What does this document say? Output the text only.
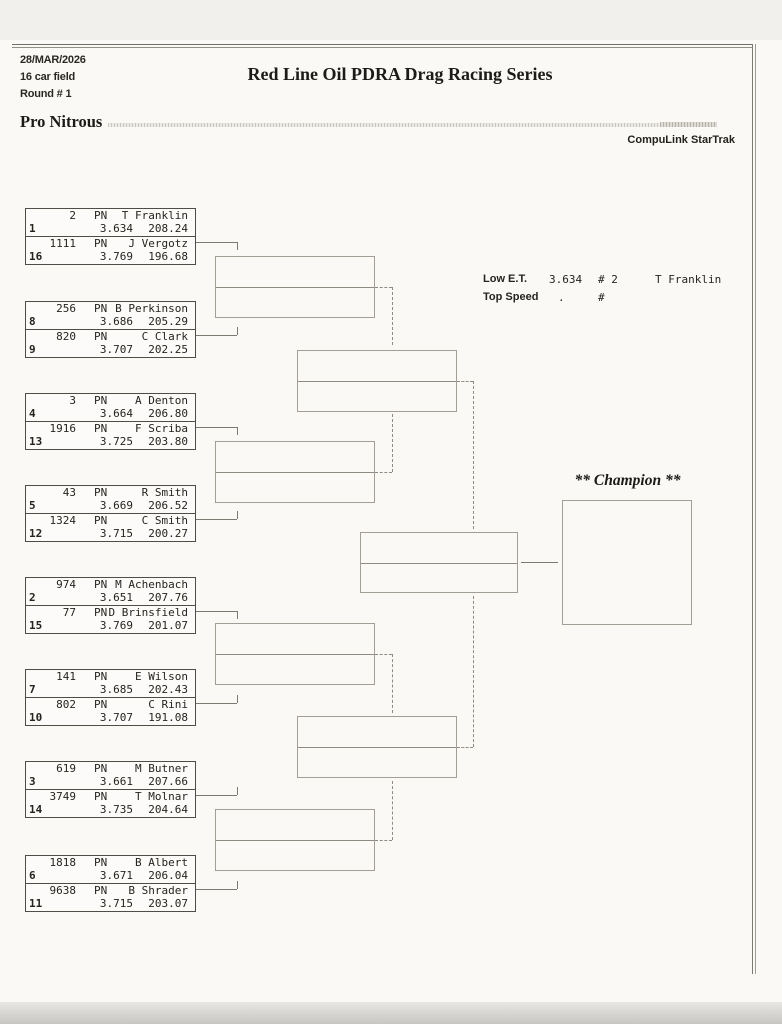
28/MAR/2026
16 car field
Round # 1
Red Line Oil PDRA Drag Racing Series
Pro Nitrous
CompuLink StarTrak
Low E.T. 3.634 # 2	T Franklin
Top Speed .	#
2 PN T Franklin
1	3.634 208.24
1111 PN J Vergotz
16	3.769 196.68
256 PN B Perkinson
8	3.686 205.29
820 PN	C Clark
9	3.707 202.25
3 PN	A Denton
4	3.664 206.80
1916 PN	F Scriba
13	3.725 203.80
43 PN	R Smith
5	3.669 206.52
1324 PN	C Smith
12	3.715 200.27
974 PN M Achenbach
2	3.651 207.76
77 PN D Brinsfield
15	3.769 201.07
141 PN	E Wilson
7	3.685 202.43
802 PN	C Rini
10	3.707 191.08
619 PN	M Butner
3	3.661 207.66
3749 PN	T Molnar
14	3.735 204.64
1818 PN	B Albert
6	3.671 206.04
9638 PN B Shrader
11	3.715 203.07
** Champion **
